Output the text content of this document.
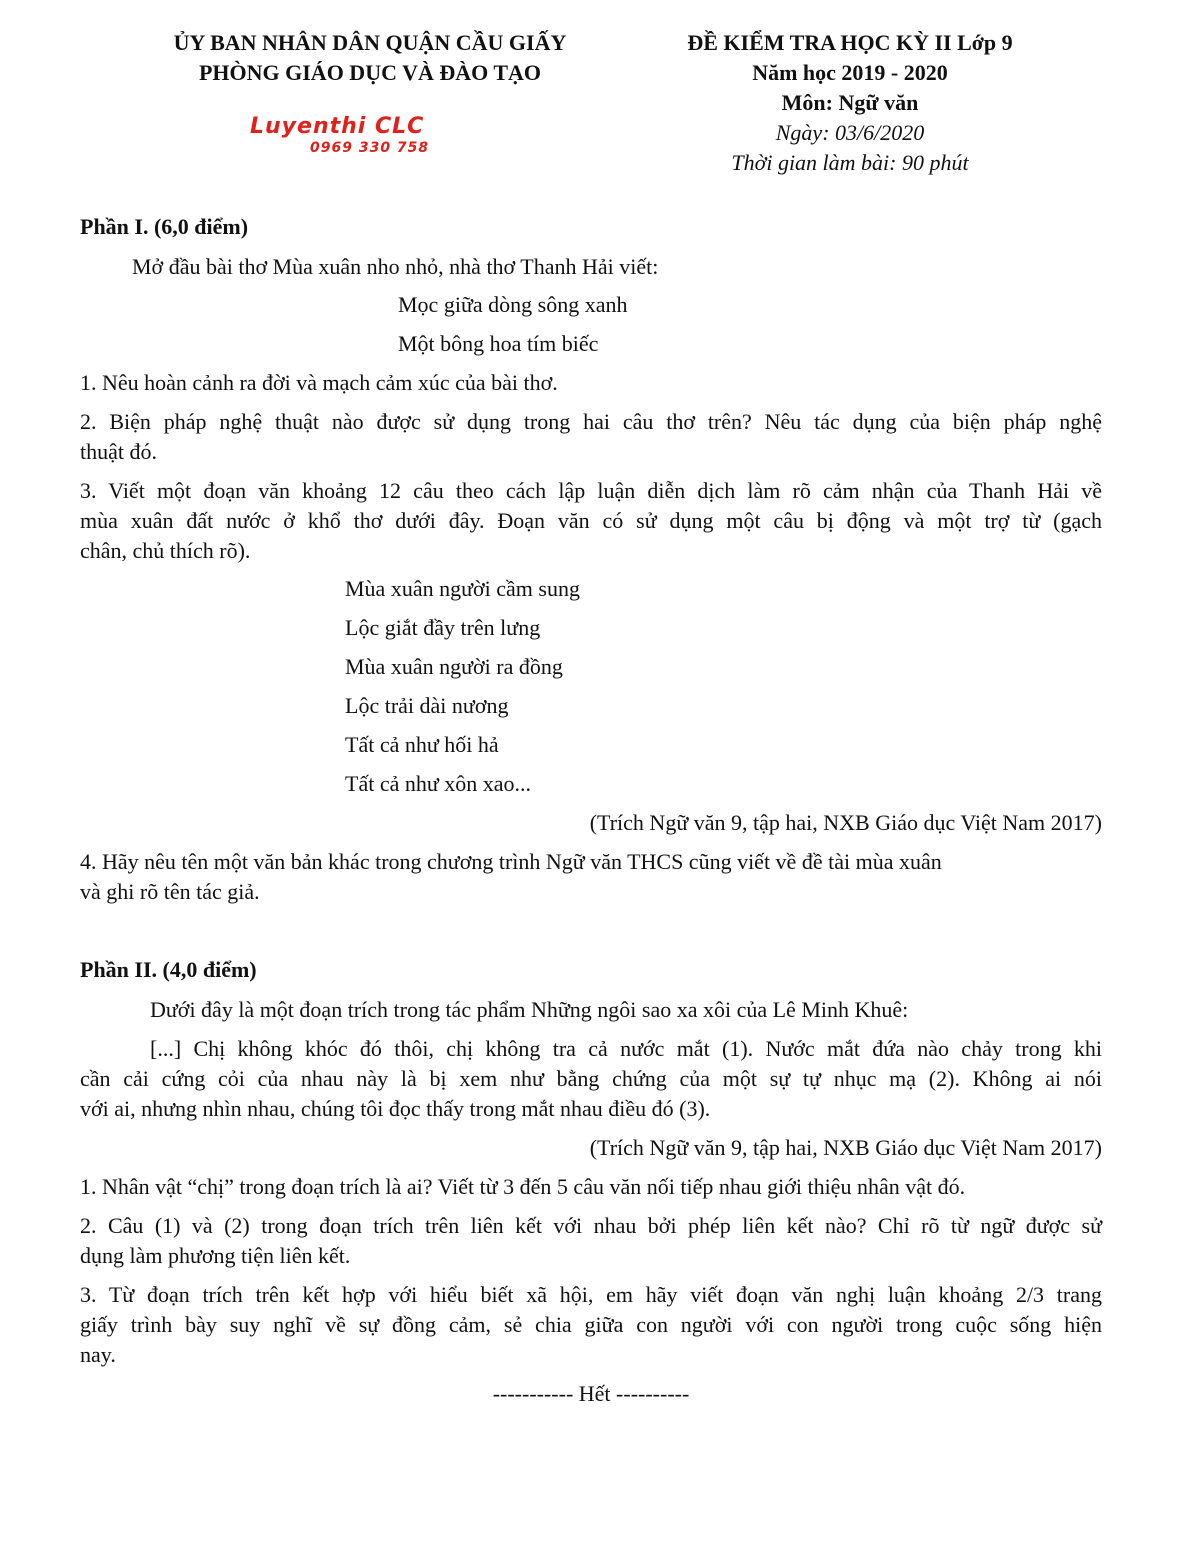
ỦY BAN NHÂN DÂN QUẬN CẦU GIẤY
PHÒNG GIÁO DỤC VÀ ĐÀO TẠO
ĐỀ KIỂM TRA HỌC KỲ II Lớp 9
Năm học 2019 - 2020
Môn: Ngữ văn
Ngày: 03/6/2020
Thời gian làm bài: 90 phút
Luyenthi CLC
0969 330 758
Phần I. (6,0 điểm)
Mở đầu bài thơ Mùa xuân nho nhỏ, nhà thơ Thanh Hải viết:
Mọc giữa dòng sông xanh
Một bông hoa tím biếc
1. Nêu hoàn cảnh ra đời và mạch cảm xúc của bài thơ.
2. Biện pháp nghệ thuật nào được sử dụng trong hai câu thơ trên? Nêu tác dụng của biện pháp nghệ
thuật đó.
3. Viết một đoạn văn khoảng 12 câu theo cách lập luận diễn dịch làm rõ cảm nhận của Thanh Hải về
mùa xuân đất nước ở khổ thơ dưới đây. Đoạn văn có sử dụng một câu bị động và một trợ từ (gạch
chân, chủ thích rõ).
Mùa xuân người cầm sung
Lộc giắt đầy trên lưng
Mùa xuân người ra đồng
Lộc trải dài nương
Tất cả như hối hả
Tất cả như xôn xao...
(Trích Ngữ văn 9, tập hai, NXB Giáo dục Việt Nam 2017)
4. Hãy nêu tên một văn bản khác trong chương trình Ngữ văn THCS cũng viết về đề tài mùa xuân
và ghi rõ tên tác giả.
Phần II. (4,0 điểm)
Dưới đây là một đoạn trích trong tác phẩm Những ngôi sao xa xôi của Lê Minh Khuê:
[...] Chị không khóc đó thôi, chị không tra cả nước mắt (1). Nước mắt đứa nào chảy trong khi
cần cải cứng cỏi của nhau này là bị xem như bằng chứng của một sự tự nhục mạ (2). Không ai nói
với ai, nhưng nhìn nhau, chúng tôi đọc thấy trong mắt nhau điều đó (3).
(Trích Ngữ văn 9, tập hai, NXB Giáo dục Việt Nam 2017)
1. Nhân vật “chị” trong đoạn trích là ai? Viết từ 3 đến 5 câu văn nối tiếp nhau giới thiệu nhân vật đó.
2. Câu (1) và (2) trong đoạn trích trên liên kết với nhau bởi phép liên kết nào? Chỉ rõ từ ngữ được sử
dụng làm phương tiện liên kết.
3. Từ đoạn trích trên kết hợp với hiểu biết xã hội, em hãy viết đoạn văn nghị luận khoảng 2/3 trang
giấy trình bày suy nghĩ về sự đồng cảm, sẻ chia giữa con người với con người trong cuộc sống hiện
nay.
----------- Hết ----------
